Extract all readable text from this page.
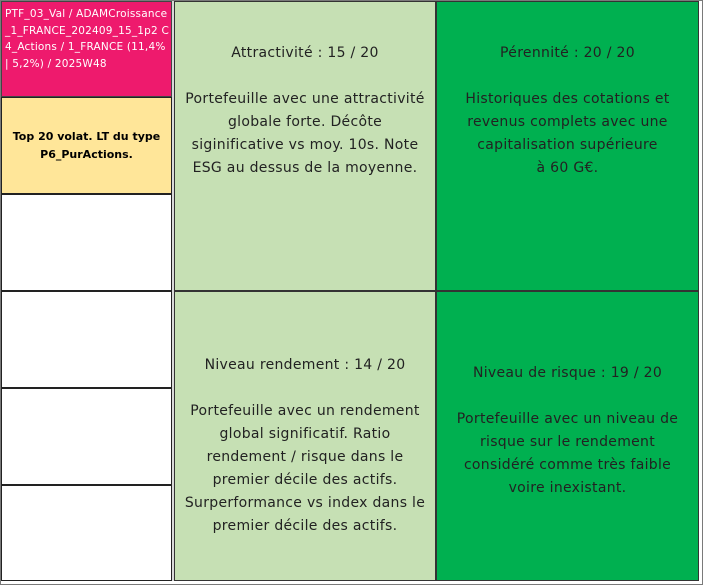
PTF_03_Val / ADAMCroissance_1_FRANCE_202409_15_1p2 C4_Actions / 1_FRANCE (11,4% | 5,2%) / 2025W48
Top 20 volat. LT du type P6_PurActions.
Attractivité : 15 / 20
Portefeuille avec une attractivité
globale forte. Décôte
siginificative vs moy. 10s. Note
ESG au dessus de la moyenne.
Pérennité : 20 / 20
Historiques des cotations et
revenus complets avec une
capitalisation supérieure
à 60 G€.
Niveau rendement : 14 / 20
Portefeuille avec un rendement
global significatif. Ratio
rendement / risque dans le
premier décile des actifs.
Surperformance vs index dans le
premier décile des actifs.
Niveau de risque : 19 / 20
Portefeuille avec un niveau de
risque sur le rendement
considéré comme très faible
voire inexistant.
